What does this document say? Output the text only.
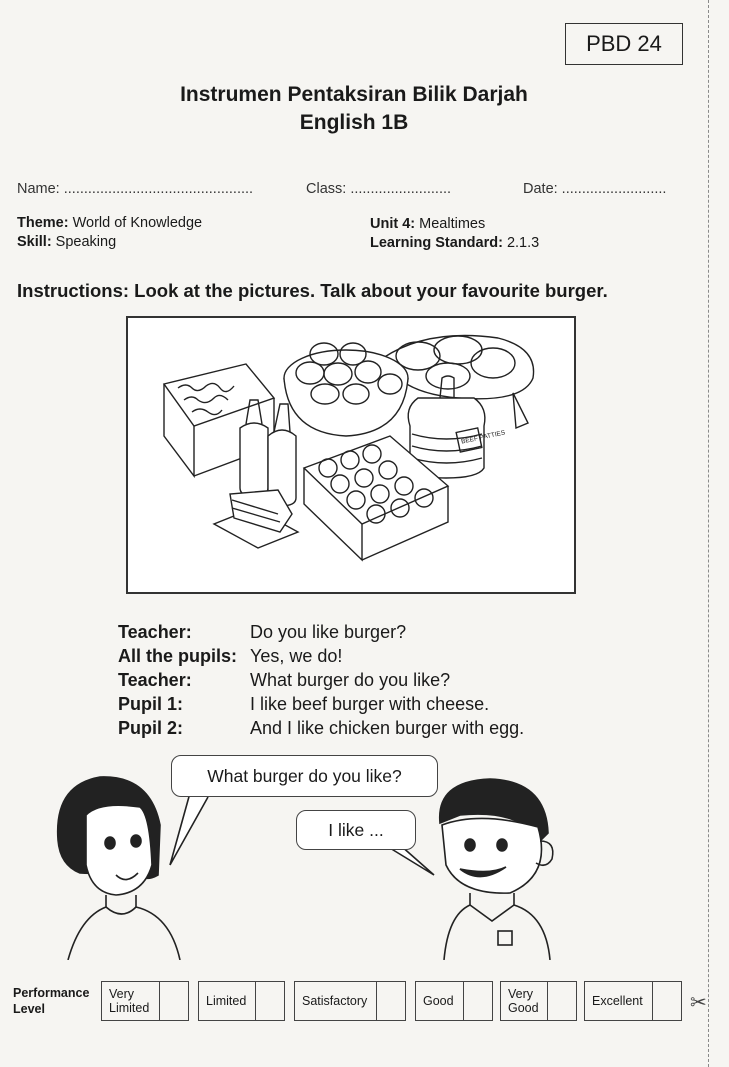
PBD 24
Instrumen Pentaksiran Bilik Darjah
English 1B
Name: ...............................................	Class: .........................	Date: ..........................
Theme: World of Knowledge
Skill: Speaking
Unit 4: Mealtimes
Learning Standard: 2.1.3
Instructions: Look at the pictures. Talk about your favourite burger.
BEEF PATTIES
Teacher:	Do you like burger?
All the pupils: Yes, we do!
Teacher:	What burger do you like?
Pupil 1:	I like beef burger with cheese.
Pupil 2:	And I like chicken burger with egg.
What burger do you like?
I like ...
Performance Level
Very Limited	Limited	Satisfactory	Good	Very Good	Excellent	✂
